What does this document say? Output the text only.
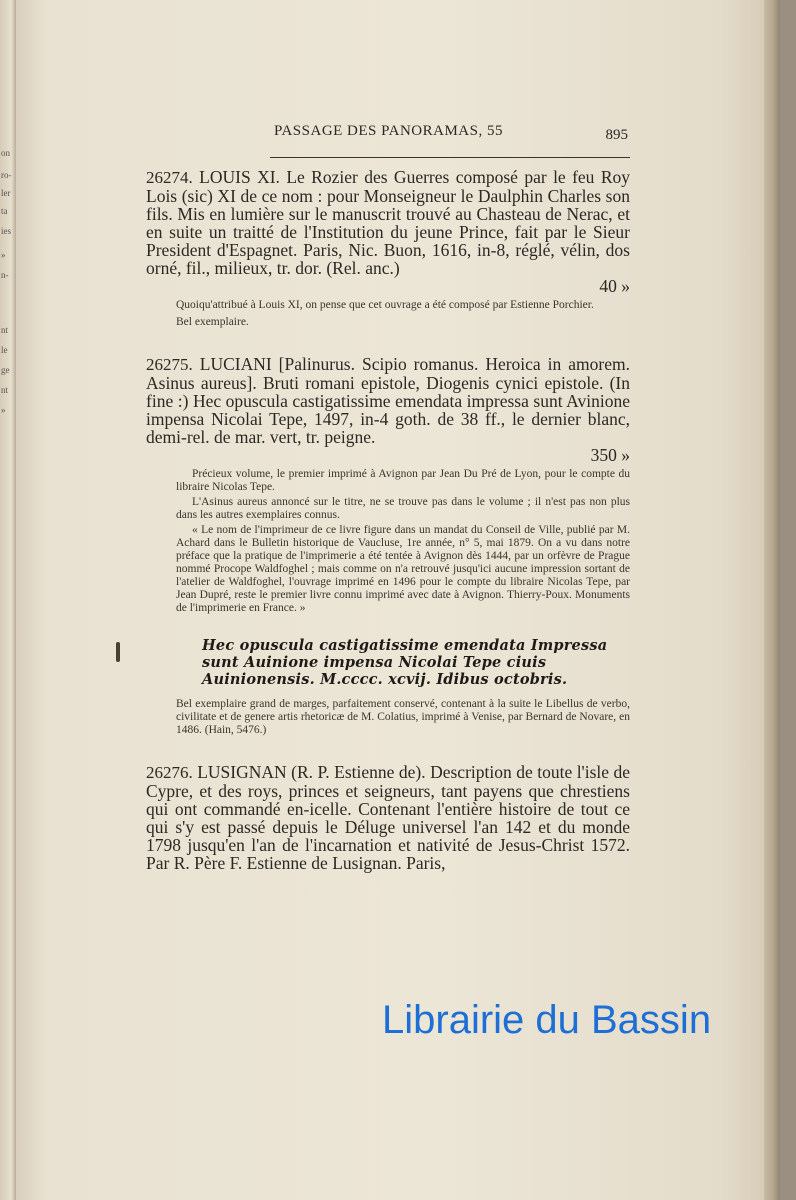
on
ro-
ler
ta
ies
»
n-
nt
le
ge
nt
»
PASSAGE DES PANORAMAS, 55	895

26274. LOUIS XI. Le Rozier des Guerres composé par le feu Roy Lois (sic) XI de ce nom : pour Monseigneur le Daulphin Charles son fils. Mis en lumière sur le manuscrit trouvé au Chasteau de Nerac, et en suite un traitté de l'Institution du jeune Prince, fait par le Sieur President d'Espagnet. Paris, Nic. Buon, 1616, in-8, réglé, vélin, dos orné, fil., milieux, tr. dor. (Rel. anc.)
40 »

Quoiqu'attribué à Louis XI, on pense que cet ouvrage a été composé par Estienne Porchier.

Bel exemplaire.

26275. LUCIANI [Palinurus. Scipio romanus. Heroica in amorem. Asinus aureus]. Bruti romani epistole, Diogenis cynici epistole. (In fine :) Hec opuscula castigatissime emendata impressa sunt Avinione impensa Nicolai Tepe, 1497, in-4 goth. de 38 ff., le dernier blanc, demi-rel. de mar. vert, tr. peigne.
350 »

Précieux volume, le premier imprimé à Avignon par Jean Du Pré de Lyon, pour le compte du libraire Nicolas Tepe.

L'Asinus aureus annoncé sur le titre, ne se trouve pas dans le volume ; il n'est pas non plus dans les autres exemplaires connus.

« Le nom de l'imprimeur de ce livre figure dans un mandat du Conseil de Ville, publié par M. Achard dans le Bulletin historique de Vaucluse, 1re année, n° 5, mai 1879. On a vu dans notre préface que la pratique de l'imprimerie a été tentée à Avignon dès 1444, par un orfèvre de Prague nommé Procope Waldfoghel ; mais comme on n'a retrouvé jusqu'ici aucune impression sortant de l'atelier de Waldfoghel, l'ouvrage imprimé en 1496 pour le compte du libraire Nicolas Tepe, par Jean Dupré, reste le premier livre connu imprimé avec date à Avignon. Thierry-Poux. Monuments de l'imprimerie en France. »

Hec opuscula castigatissime emendata Impressa sunt Auinione impensa Nicolai Tepe ciuis Auinionensis. M.cccc. xcvij. Idibus octobris.

Bel exemplaire grand de marges, parfaitement conservé, contenant à la suite le Libellus de verbo, civilitate et de genere artis rhetoricæ de M. Colatius, imprimé à Venise, par Bernard de Novare, en 1486. (Hain, 5476.)

26276. LUSIGNAN (R. P. Estienne de). Description de toute l'isle de Cypre, et des roys, princes et seigneurs, tant payens que chrestiens qui ont commandé en-icelle. Contenant l'entière histoire de tout ce qui s'y est passé depuis le Déluge universel l'an 142 et du monde 1798 jusqu'en l'an de l'incarnation et nativité de Jesus-Christ 1572. Par R. Père F. Estienne de Lusignan. Paris,

Librairie du Bassin
